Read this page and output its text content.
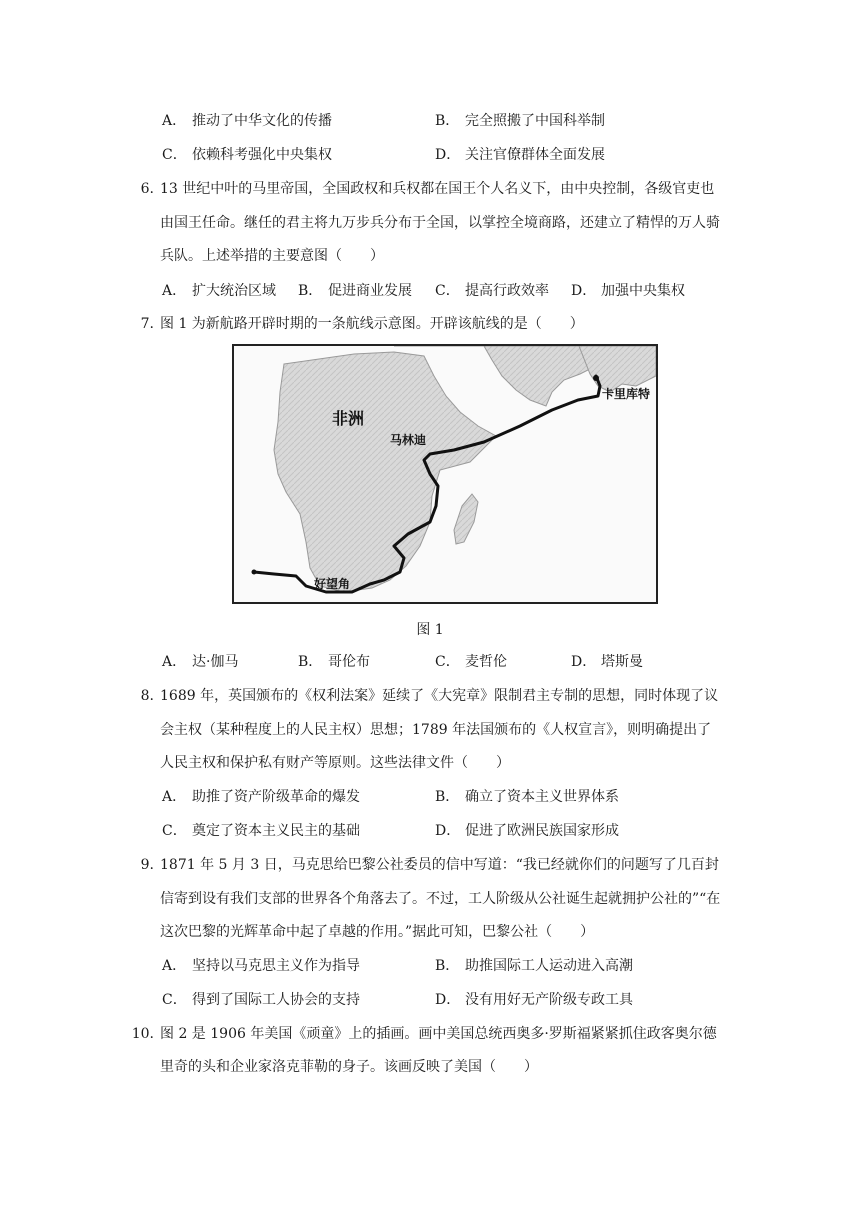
A． 推动了中华文化的传播	B． 完全照搬了中国科举制
C． 依赖科考强化中央集权	D． 关注官僚群体全面发展
6. 13 世纪中叶的马里帝国，全国政权和兵权都在国王个人名义下，由中央控制，各级官吏也
由国王任命。继任的君主将九万步兵分布于全国，以掌控全境商路，还建立了精悍的万人骑
兵队。上述举措的主要意图（　　）
A． 扩大统治区域 B． 促进商业发展 C． 提高行政效率 D． 加强中央集权
7. 图 1 为新航路开辟时期的一条航线示意图。开辟该航线的是（　　）
非洲
马林迪
卡里库特
好望角
图 1
A． 达·伽马	B． 哥伦布	C． 麦哲伦	D． 塔斯曼
8. 1689 年，英国颁布的《权利法案》延续了《大宪章》限制君主专制的思想，同时体现了议
会主权（某种程度上的人民主权）思想；1789 年法国颁布的《人权宣言》，则明确提出了
人民主权和保护私有财产等原则。这些法律文件（　　）
A． 助推了资产阶级革命的爆发	B． 确立了资本主义世界体系
C． 奠定了资本主义民主的基础	D． 促进了欧洲民族国家形成
9. 1871 年 5 月 3 日，马克思给巴黎公社委员的信中写道：“我已经就你们的问题写了几百封
信寄到设有我们支部的世界各个角落去了。不过，工人阶级从公社诞生起就拥护公社的”“在
这次巴黎的光辉革命中起了卓越的作用。”据此可知，巴黎公社（　　）
A． 坚持以马克思主义作为指导	B． 助推国际工人运动进入高潮
C． 得到了国际工人协会的支持	D． 没有用好无产阶级专政工具
10. 图 2 是 1906 年美国《顽童》上的插画。画中美国总统西奥多·罗斯福紧紧抓住政客奥尔德
里奇的头和企业家洛克菲勒的身子。该画反映了美国（　　）
